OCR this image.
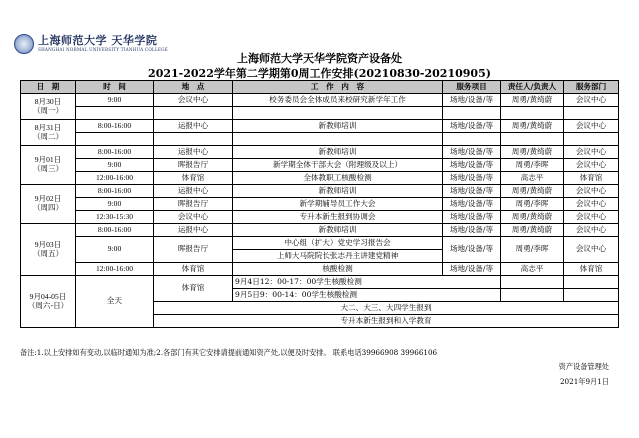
上海师范大学 天华学院
SHANGHAI NORMAL UNIVERSITY TIANHUA COLLEGE
上海师范大学天华学院资产设备处
2021-2022学年第二学期第0周工作安排(20210830-20210905)
日　期	时　间	地　点	工　作　内　容	服务项目	责任人/负责人	服务部门
8月30日
（周一）	9:00	会议中心	校务委员会全体成员来校研究新学年工作	场地/设备/等	周勇/黄绮蔚	会议中心

8月31日
（周二）	8:00-16:00	运报中心	新教师培训	场地/设备/等	周勇/黄绮蔚	会议中心

9月01日
（周三）	8:00-16:00	运报中心	新教师培训	场地/设备/等	周勇/黄绮蔚	会议中心
	9:00	晖报告厅	新学期全体干部大会（附理级及以上）	场地/设备/等	周勇/李晖	会议中心
	12:00-16:00	体育馆	全体教职工核酸检测	场地/设备/等	高志平	体育馆
9月02日
（周四）	8:00-16:00	运报中心	新教师培训	场地/设备/等	周勇/黄绮蔚	会议中心
	9:00	晖报告厅	新学期辅导员工作大会	场地/设备/等	周勇/李晖	会议中心
	12:30-15:30	会议中心	专升本新生报到协调会	场地/设备/等	周勇/黄绮蔚	会议中心
9月03日
（周五）	8:00-16:00	运报中心	新教师培训	场地/设备/等	周勇/黄绮蔚	会议中心
	9:00	晖报告厅	中心组（扩大）党史学习报告会	场地/设备/等	周勇/李晖	会议中心
			上师大马院院长张志丹主讲建党精神			
	12:00-16:00	体育馆	核酸检测	场地/设备/等	高志平	体育馆
9月04-05日
（周六-日）	全天	体育馆	9月4日12：00-17：00学生核酸检测			
			9月5日9：00-14：00学生核酸检测			
		大二、大三、大四学生报到				
		专升本新生报到和入学教育				
备注:1.以上安排如有变动,以临时通知为准;2.各部门有其它安排请提前通知资产处,以便及时安排。 联系电话39966908 39966106
资产设备管理处
2021年9月1日
